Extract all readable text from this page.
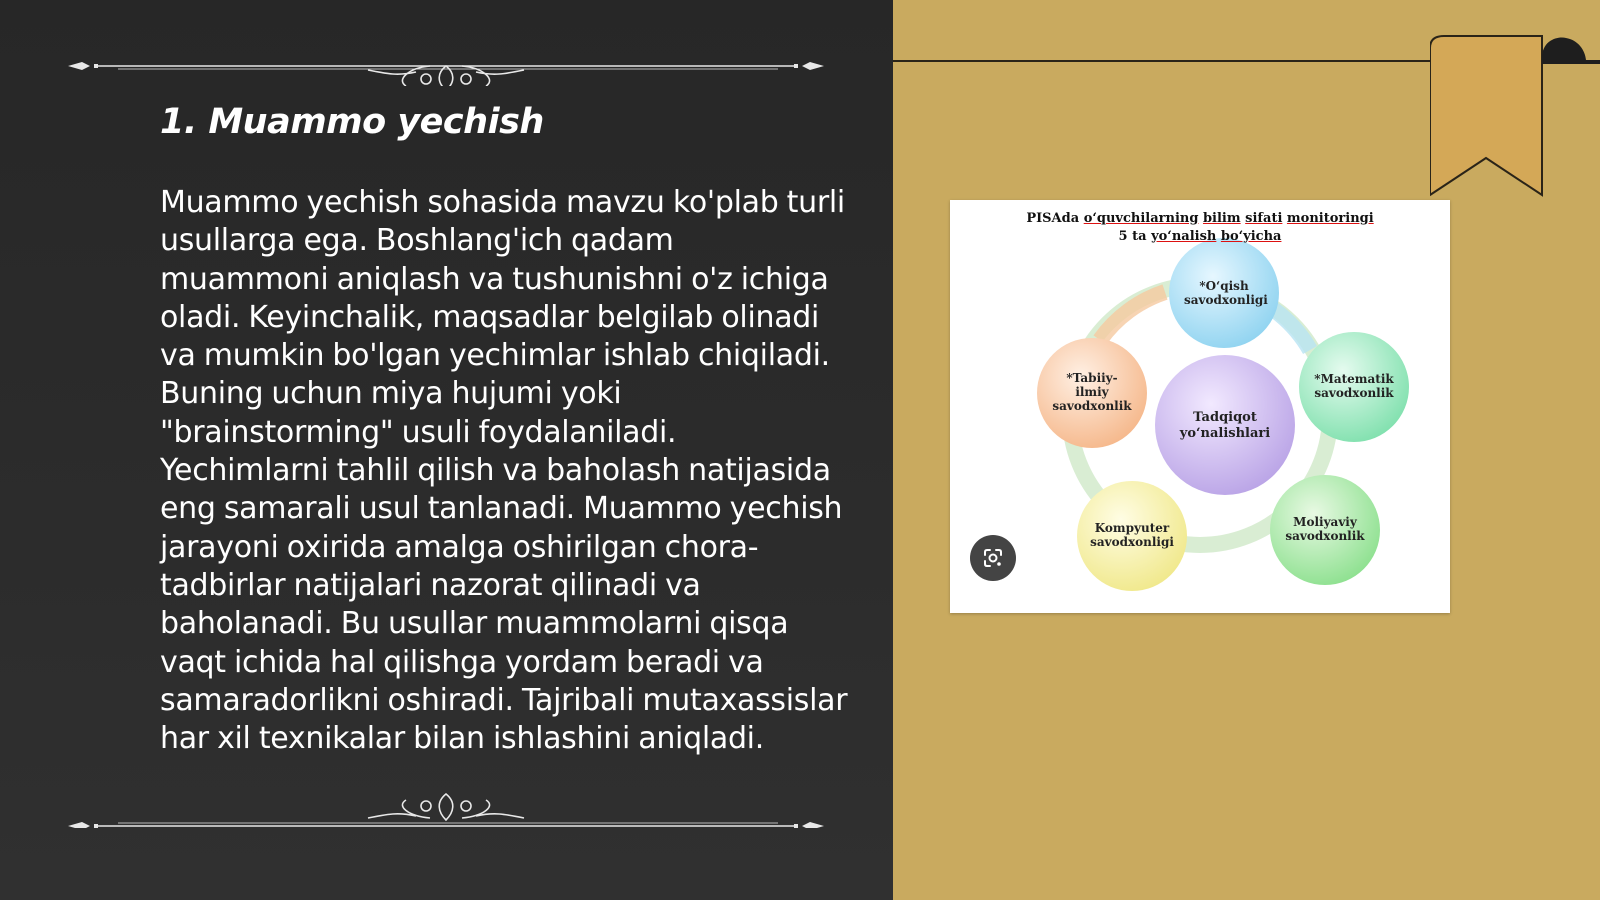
1. Muammo yechish
Muammo yechish sohasida mavzu ko'plab turli usullarga ega. Boshlang'ich qadam muammoni aniqlash va tushunishni o'z ichiga oladi. Keyinchalik, maqsadlar belgilab olinadi va mumkin bo'lgan yechimlar ishlab chiqiladi. Buning uchun miya hujumi yoki "brainstorming" usuli foydalaniladi. Yechimlarni tahlil qilish va baholash natijasida eng samarali usul tanlanadi. Muammo yechish jarayoni oxirida amalga oshirilgan chora-tadbirlar natijalari nazorat qilinadi va baholanadi. Bu usullar muammolarni qisqa vaqt ichida hal qilishga yordam beradi va samaradorlikni oshiradi. Tajribali mutaxassislar har xil texnikalar bilan ishlashini aniqladi.
PISAda o‘quvchilarning bilim sifati monitoringi
5 ta yo‘nalish bo‘yicha
*O‘qish savodxonligi
*Matematik savodxonlik
Moliyaviy savodxonlik
Kompyuter savodxonligi
*Tabiiy-ilmiy savodxonlik
Tadqiqot yo‘nalishlari
